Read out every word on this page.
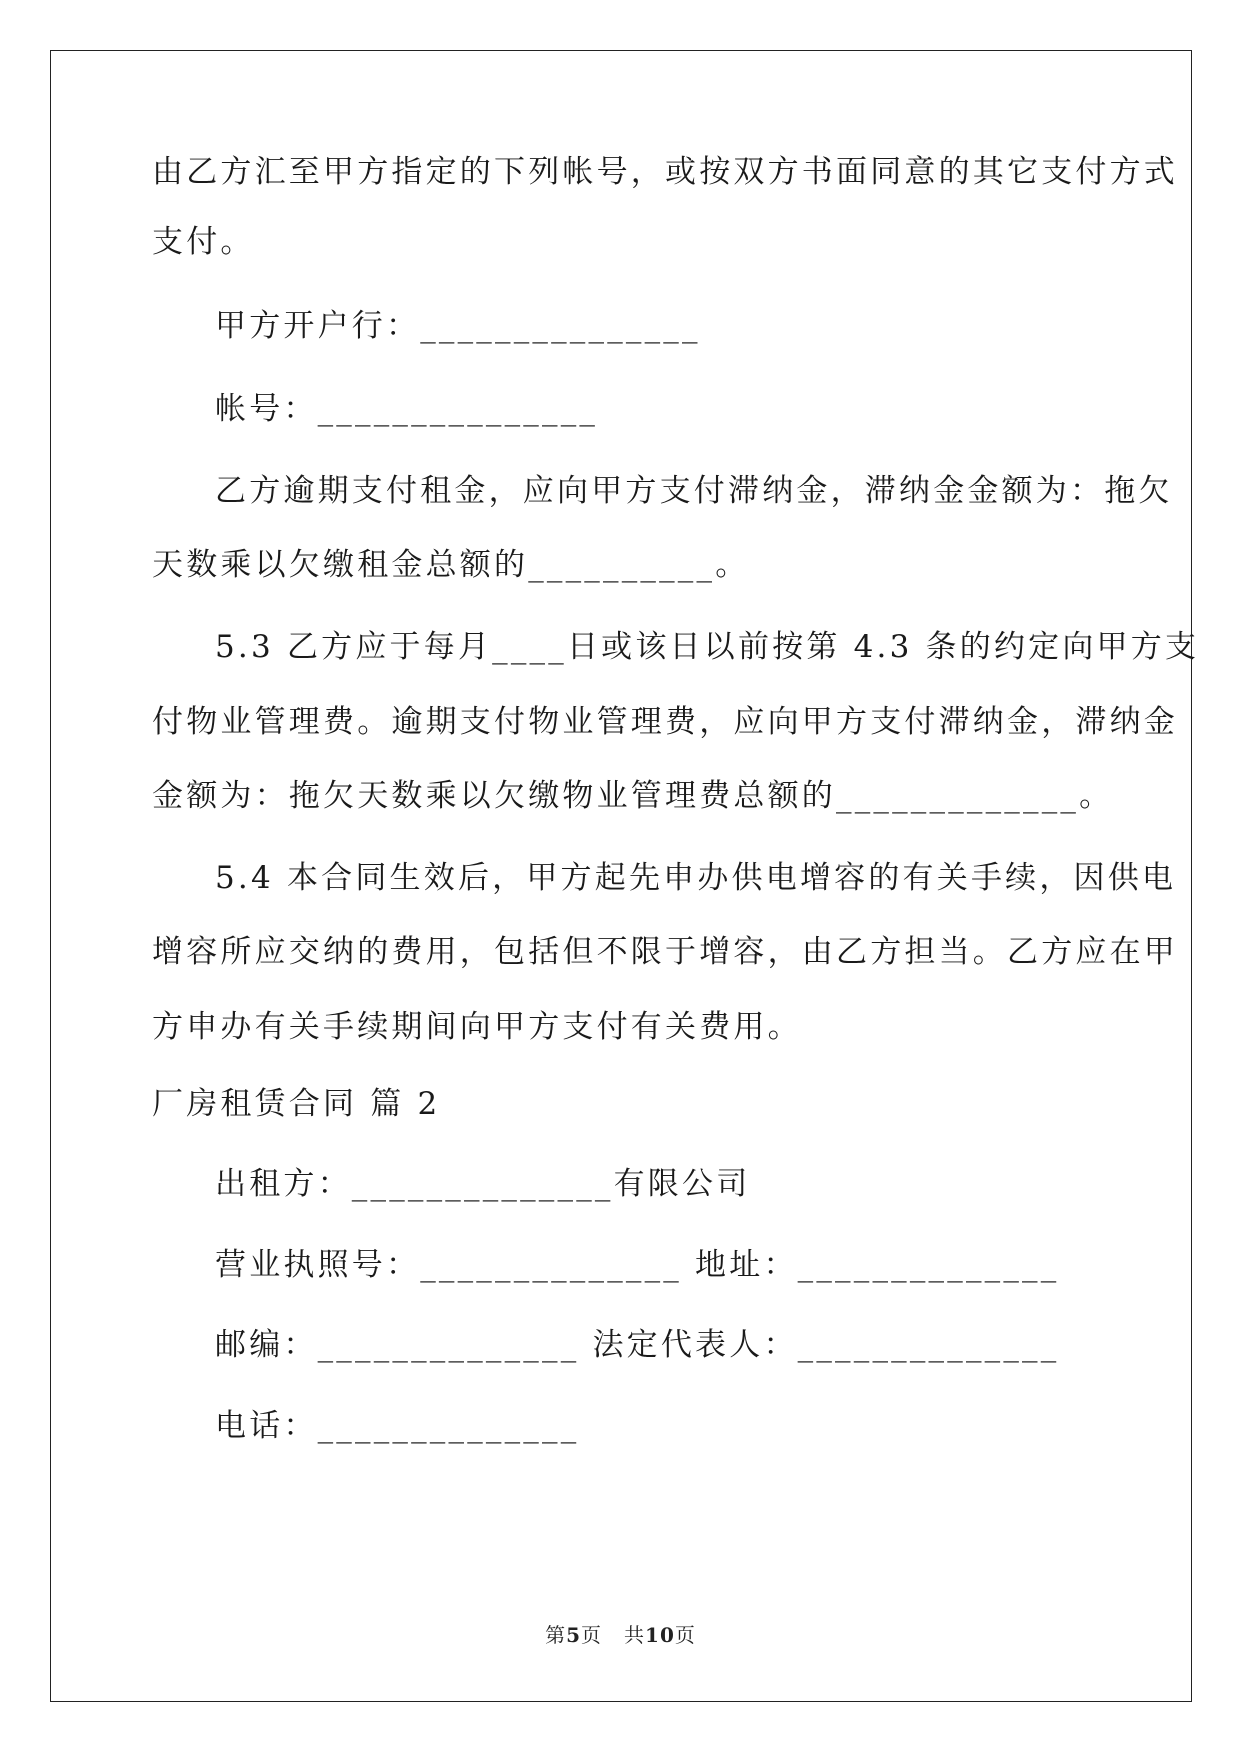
由乙方汇至甲方指定的下列帐号，或按双方书面同意的其它支付方式
支付。
甲方开户行：_______________
帐号：_______________
乙方逾期支付租金，应向甲方支付滞纳金，滞纳金金额为：拖欠
天数乘以欠缴租金总额的__________。
5.3 乙方应于每月____日或该日以前按第 4.3 条的约定向甲方支
付物业管理费。逾期支付物业管理费，应向甲方支付滞纳金，滞纳金
金额为：拖欠天数乘以欠缴物业管理费总额的_____________。
5.4 本合同生效后，甲方起先申办供电增容的有关手续，因供电
增容所应交纳的费用，包括但不限于增容，由乙方担当。乙方应在甲
方申办有关手续期间向甲方支付有关费用。
厂房租赁合同 篇 2
出租方：______________有限公司
营业执照号：______________ 地址：______________
邮编：______________ 法定代表人：______________
电话：______________
第5页 共10页
